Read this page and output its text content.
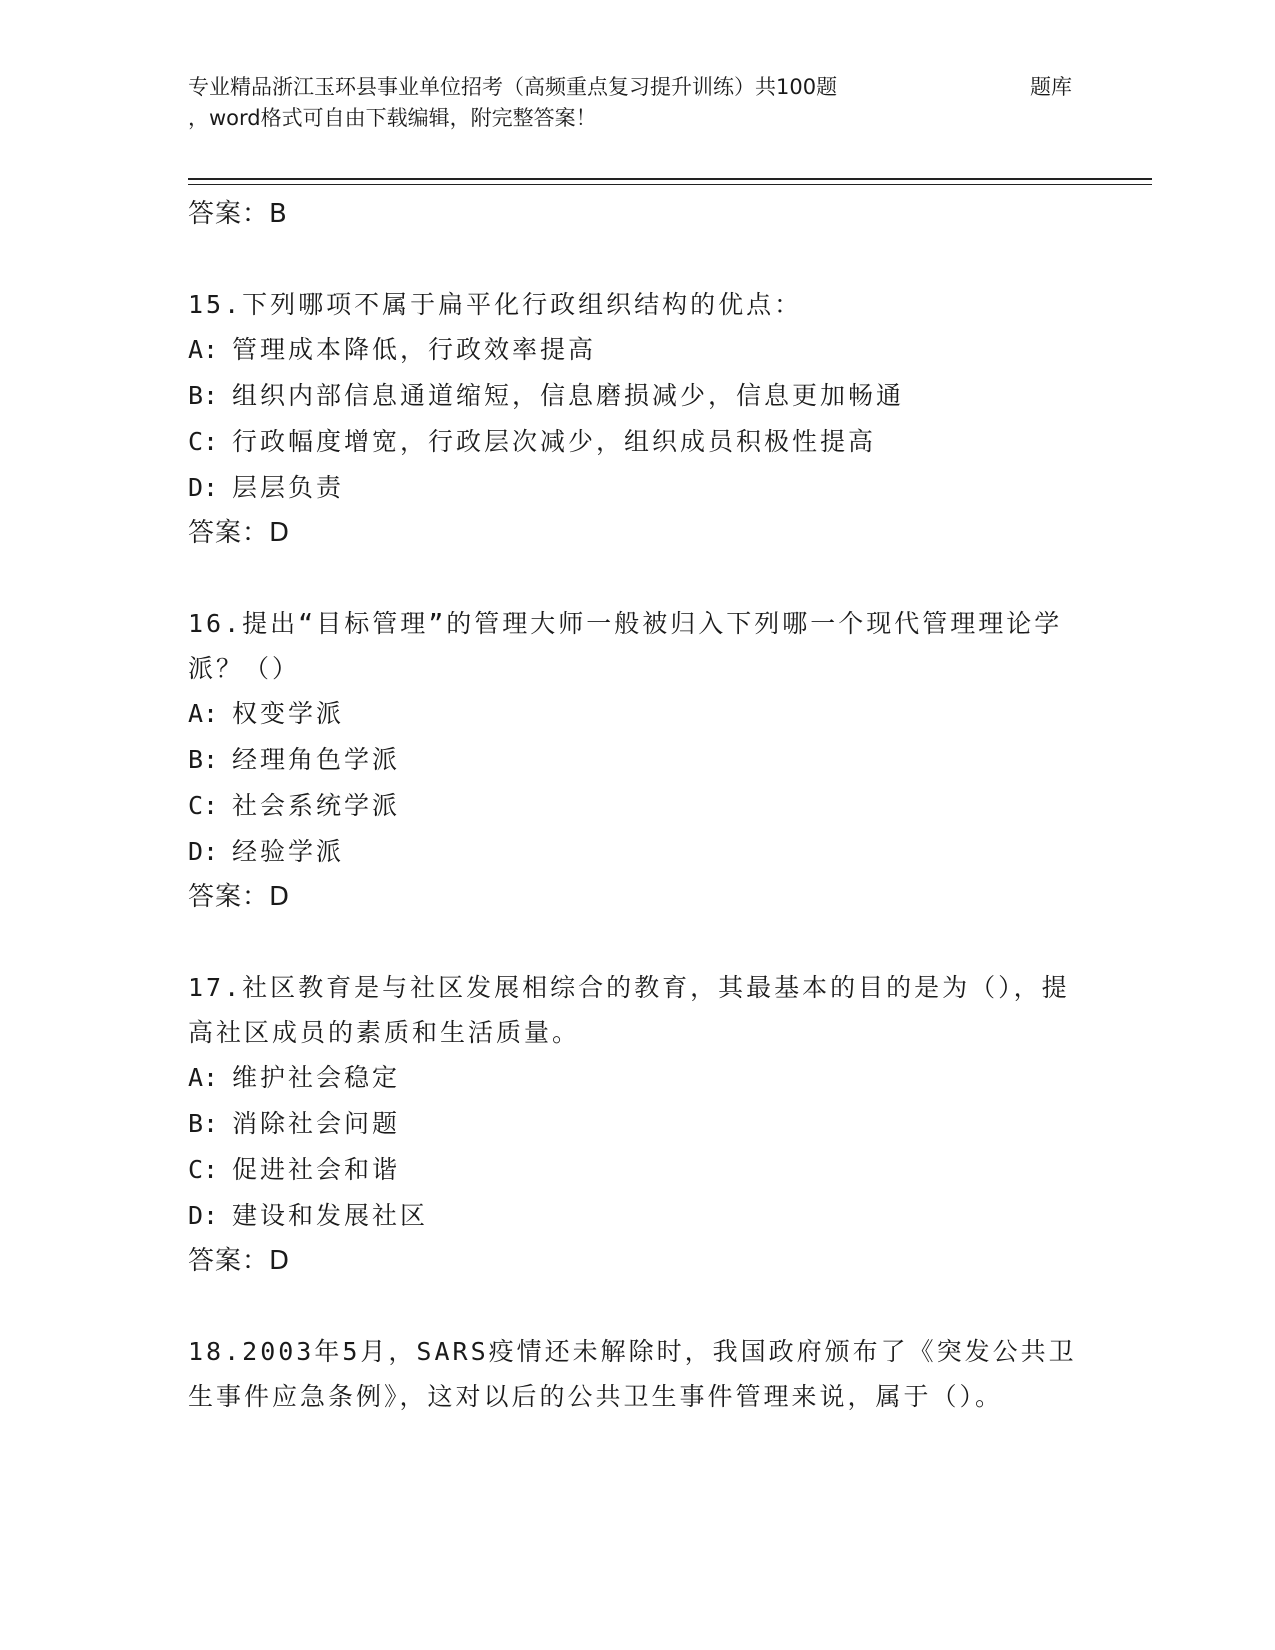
专业精品浙江玉环县事业单位招考（高频重点复习提升训练）共100题	题库
，word格式可自由下载编辑，附完整答案！
答案：B
15.下列哪项不属于扁平化行政组织结构的优点：
A: 管理成本降低，行政效率提高
B: 组织内部信息通道缩短，信息磨损减少，信息更加畅通
C: 行政幅度增宽，行政层次减少，组织成员积极性提高
D: 层层负责
答案：D
16.提出“目标管理”的管理大师一般被归入下列哪一个现代管理理论学派？（）
A: 权变学派
B: 经理角色学派
C: 社会系统学派
D: 经验学派
答案：D
17.社区教育是与社区发展相综合的教育，其最基本的目的是为（），提高社区成员的素质和生活质量。
A: 维护社会稳定
B: 消除社会问题
C: 促进社会和谐
D: 建设和发展社区
答案：D
18.2003年5月，SARS疫情还未解除时，我国政府颁布了《突发公共卫生事件应急条例》，这对以后的公共卫生事件管理来说，属于（）。
